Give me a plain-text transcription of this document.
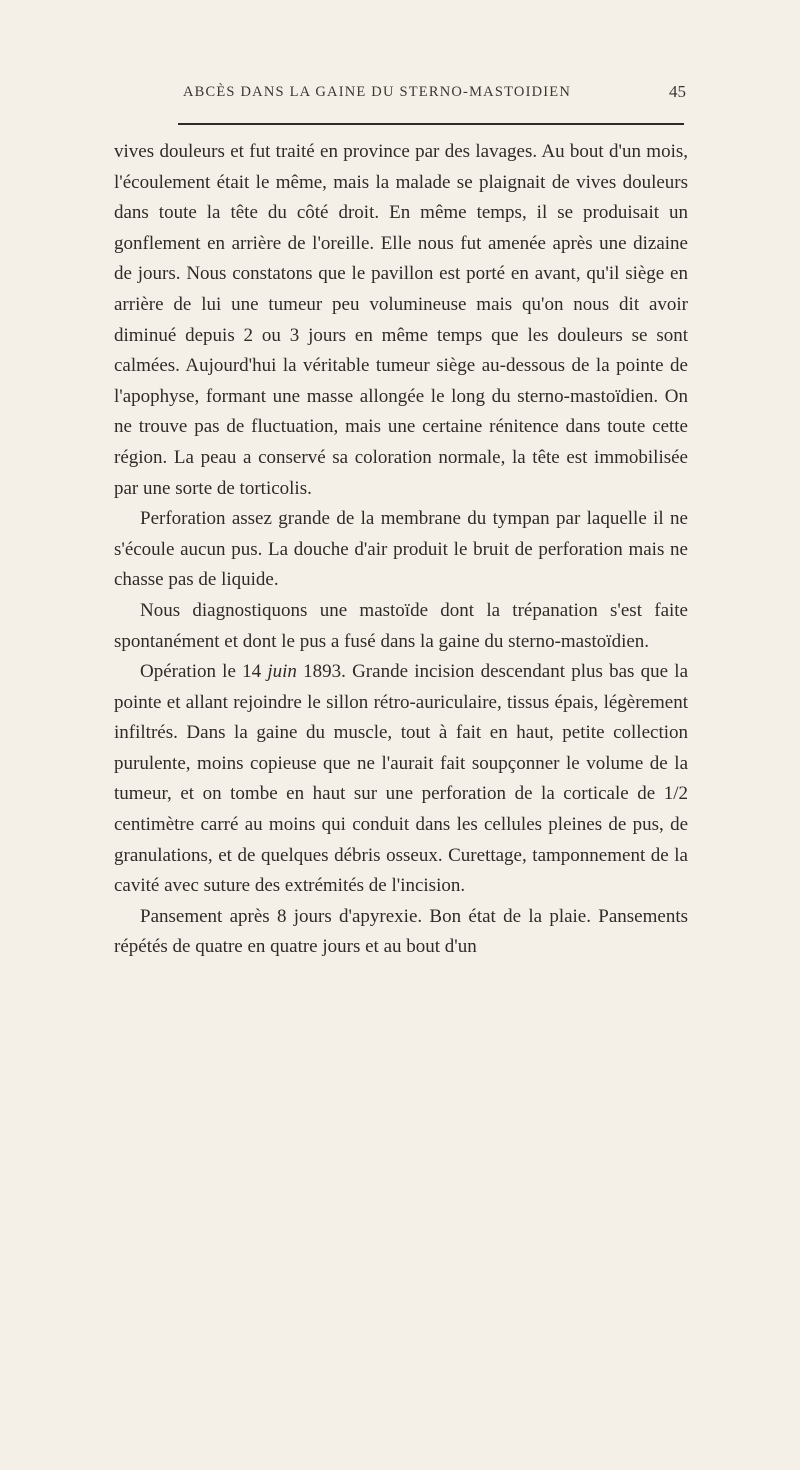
ABCÈS DANS LA GAINE DU STERNO-MASTOIDIEN	45

vives douleurs et fut traité en province par des lavages. Au bout d'un mois, l'écoulement était le même, mais la malade se plaignait de vives douleurs dans toute la tête du côté droit. En même temps, il se produisait un gonflement en arrière de l'oreille. Elle nous fut amenée après une dizaine de jours. Nous constatons que le pavillon est porté en avant, qu'il siège en arrière de lui une tumeur peu volumineuse mais qu'on nous dit avoir diminué depuis 2 ou 3 jours en même temps que les douleurs se sont calmées. Aujourd'hui la véritable tumeur siège au-dessous de la pointe de l'apophyse, formant une masse allongée le long du sterno-mastoïdien. On ne trouve pas de fluctuation, mais une certaine rénitence dans toute cette région. La peau a conservé sa coloration normale, la tête est immobilisée par une sorte de torticolis.

Perforation assez grande de la membrane du tympan par laquelle il ne s'écoule aucun pus. La douche d'air produit le bruit de perforation mais ne chasse pas de liquide.

Nous diagnostiquons une mastoïde dont la trépanation s'est faite spontanément et dont le pus a fusé dans la gaine du sterno-mastoïdien.

Opération le 14 juin 1893. Grande incision descendant plus bas que la pointe et allant rejoindre le sillon rétro-auriculaire, tissus épais, légèrement infiltrés. Dans la gaine du muscle, tout à fait en haut, petite collection purulente, moins copieuse que ne l'aurait fait soupçonner le volume de la tumeur, et on tombe en haut sur une perforation de la corticale de 1/2 centimètre carré au moins qui conduit dans les cellules pleines de pus, de granulations, et de quelques débris osseux. Curettage, tamponnement de la cavité avec suture des extrémités de l'incision.

Pansement après 8 jours d'apyrexie. Bon état de la plaie. Pansements répétés de quatre en quatre jours et au bout d'un
